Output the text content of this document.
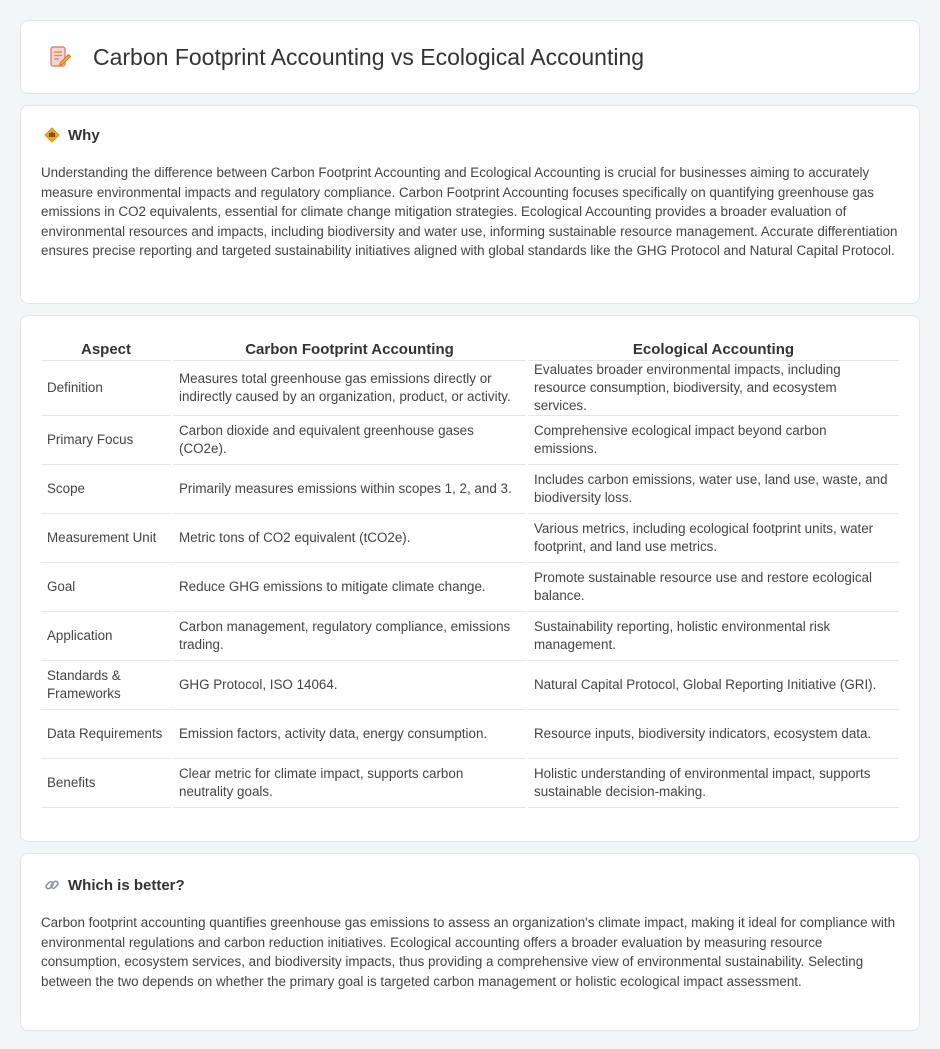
Carbon Footprint Accounting vs Ecological Accounting
Why

Understanding the difference between Carbon Footprint Accounting and Ecological Accounting is crucial for businesses aiming to accurately measure environmental impacts and regulatory compliance. Carbon Footprint Accounting focuses specifically on quantifying greenhouse gas emissions in CO2 equivalents, essential for climate change mitigation strategies. Ecological Accounting provides a broader evaluation of environmental resources and impacts, including biodiversity and water use, informing sustainable resource management. Accurate differentiation ensures precise reporting and targeted sustainability initiatives aligned with global standards like the GHG Protocol and Natural Capital Protocol.

Aspect	Carbon Footprint Accounting	Ecological Accounting
Definition	Measures total greenhouse gas emissions directly or indirectly caused by an organization, product, or activity.	Evaluates broader environmental impacts, including resource consumption, biodiversity, and ecosystem services.
Primary Focus	Carbon dioxide and equivalent greenhouse gases (CO2e).	Comprehensive ecological impact beyond carbon emissions.
Scope	Primarily measures emissions within scopes 1, 2, and 3.	Includes carbon emissions, water use, land use, waste, and biodiversity loss.
Measurement Unit	Metric tons of CO2 equivalent (tCO2e).	Various metrics, including ecological footprint units, water footprint, and land use metrics.
Goal	Reduce GHG emissions to mitigate climate change.	Promote sustainable resource use and restore ecological balance.
Application	Carbon management, regulatory compliance, emissions trading.	Sustainability reporting, holistic environmental risk management.
Standards & Frameworks	GHG Protocol, ISO 14064.	Natural Capital Protocol, Global Reporting Initiative (GRI).
Data Requirements	Emission factors, activity data, energy consumption.	Resource inputs, biodiversity indicators, ecosystem data.
Benefits	Clear metric for climate impact, supports carbon neutrality goals.	Holistic understanding of environmental impact, supports sustainable decision-making.
Which is better?

Carbon footprint accounting quantifies greenhouse gas emissions to assess an organization's climate impact, making it ideal for compliance with environmental regulations and carbon reduction initiatives. Ecological accounting offers a broader evaluation by measuring resource consumption, ecosystem services, and biodiversity impacts, thus providing a comprehensive view of environmental sustainability. Selecting between the two depends on whether the primary goal is targeted carbon management or holistic ecological impact assessment.
